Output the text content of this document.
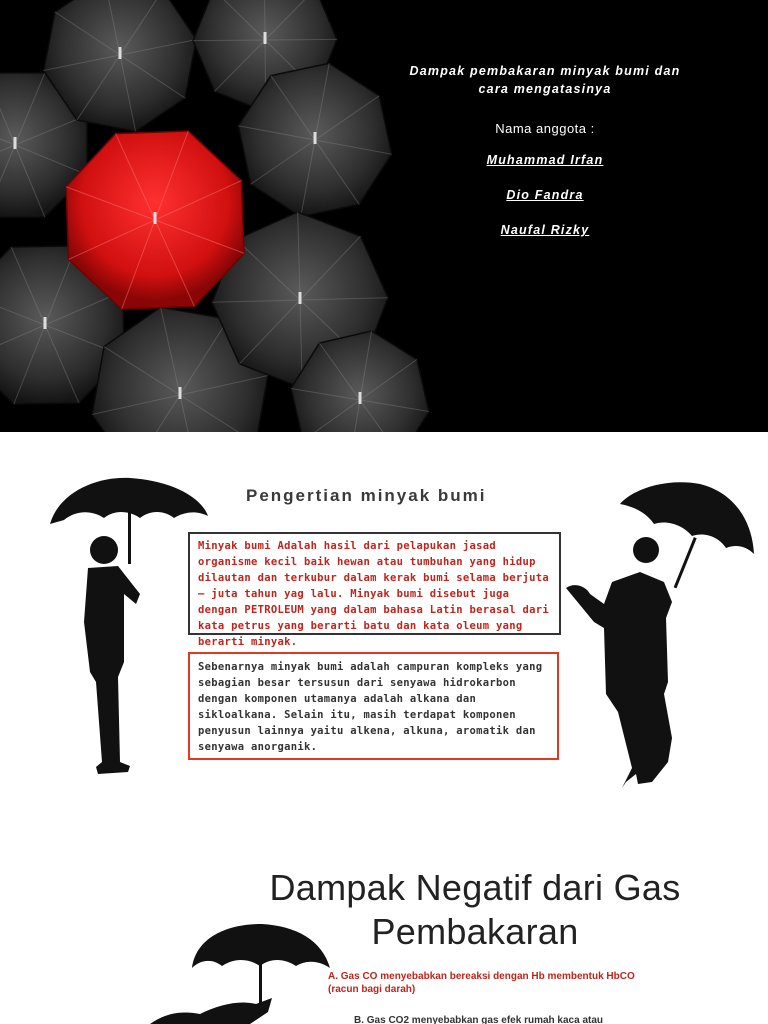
Dampak pembakaran minyak bumi dan cara mengatasinya
Nama anggota :
Muhammad Irfan
Dio Fandra
Naufal Rizky
Pengertian minyak bumi
Minyak bumi Adalah hasil dari pelapukan jasad organisme kecil baik hewan atau tumbuhan yang hidup dilautan dan terkubur dalam kerak bumi selama berjuta – juta tahun yag lalu. Minyak bumi disebut juga dengan PETROLEUM yang dalam bahasa Latin berasal dari kata petrus yang berarti batu dan kata oleum yang berarti minyak.
Sebenarnya minyak bumi adalah campuran kompleks yang sebagian besar tersusun dari senyawa hidrokarbon dengan komponen utamanya adalah alkana dan sikloalkana. Selain itu, masih terdapat komponen penyusun lainnya yaitu alkena, alkuna, aromatik dan senyawa anorganik.
Dampak Negatif dari Gas Pembakaran
A. Gas CO menyebabkan bereaksi dengan Hb membentuk HbCO (racun bagi darah)
B. Gas CO2 menyebabkan gas efek rumah kaca atau
